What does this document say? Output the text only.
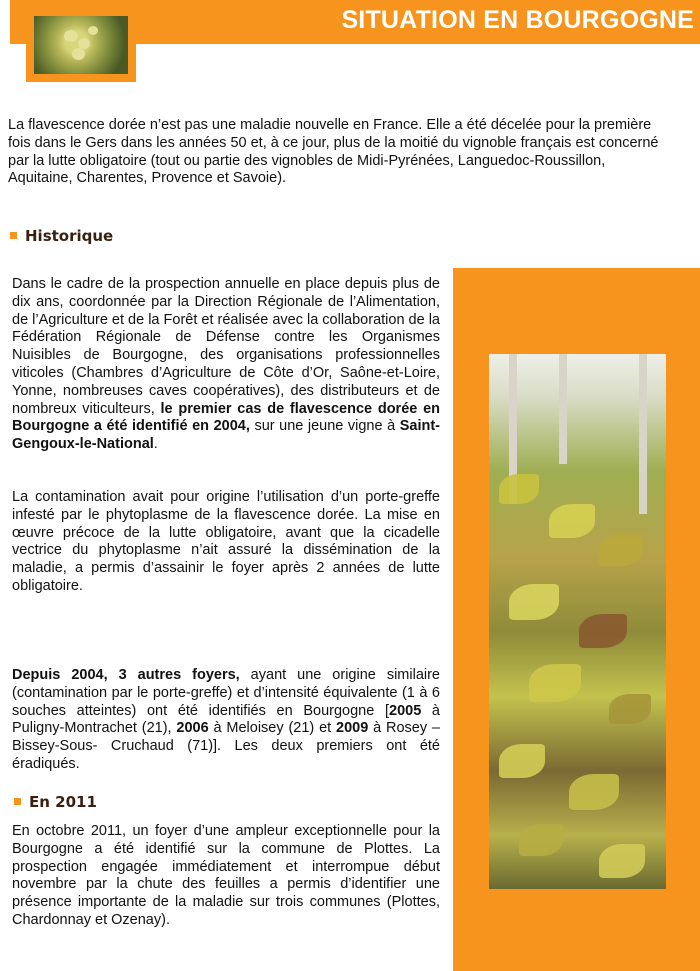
SITUATION EN BOURGOGNE
La flavescence dorée n’est pas une maladie nouvelle en France. Elle a été décelée pour la première
fois dans le Gers dans les années 50 et, à ce jour, plus de la moitié du vignoble français est concerné
par la lutte obligatoire (tout ou partie des vignobles de Midi-Pyrénées, Languedoc-Roussillon,
Aquitaine, Charentes, Provence et Savoie).
Historique
Dans le cadre de la prospection annuelle en place depuis plus de dix ans, coordonnée par la Direction Régionale de l’Alimentation, de l’Agriculture et de la Forêt et réalisée avec la collaboration de la Fédération Régionale de Défense contre les Organismes Nuisibles de Bourgogne, des organisations professionnelles viticoles (Chambres d’Agriculture de Côte d’Or, Saône-et-Loire, Yonne, nombreuses caves coopératives), des distributeurs et de nombreux viticulteurs, le premier cas de flavescence dorée en Bourgogne a été identifié en 2004, sur une jeune vigne à Saint-Gengoux-le-National.
La contamination avait pour origine l’utilisation d’un porte-greffe infesté par le phytoplasme de la flavescence dorée. La mise en œuvre précoce de la lutte obligatoire, avant que la cicadelle vectrice du phytoplasme n’ait assuré la dissémination de la maladie, a permis d’assainir le foyer après 2 années de lutte obligatoire.
Depuis 2004, 3 autres foyers, ayant une origine similaire (contamination par le porte-greffe) et d’intensité équivalente (1 à 6 souches atteintes) ont été identifiés en Bourgogne [2005 à Puligny-Montrachet (21), 2006 à Meloisey (21) et 2009 à Rosey – Bissey-Sous- Cruchaud (71)]. Les deux premiers ont été éradiqués.
En 2011
En octobre 2011, un foyer d’une ampleur exceptionnelle pour la Bourgogne a été identifié sur la commune de Plottes. La prospection engagée immédiatement et interrompue début novembre par la chute des feuilles a permis d’identifier une présence importante de la maladie sur trois communes (Plottes, Chardonnay et Ozenay).
